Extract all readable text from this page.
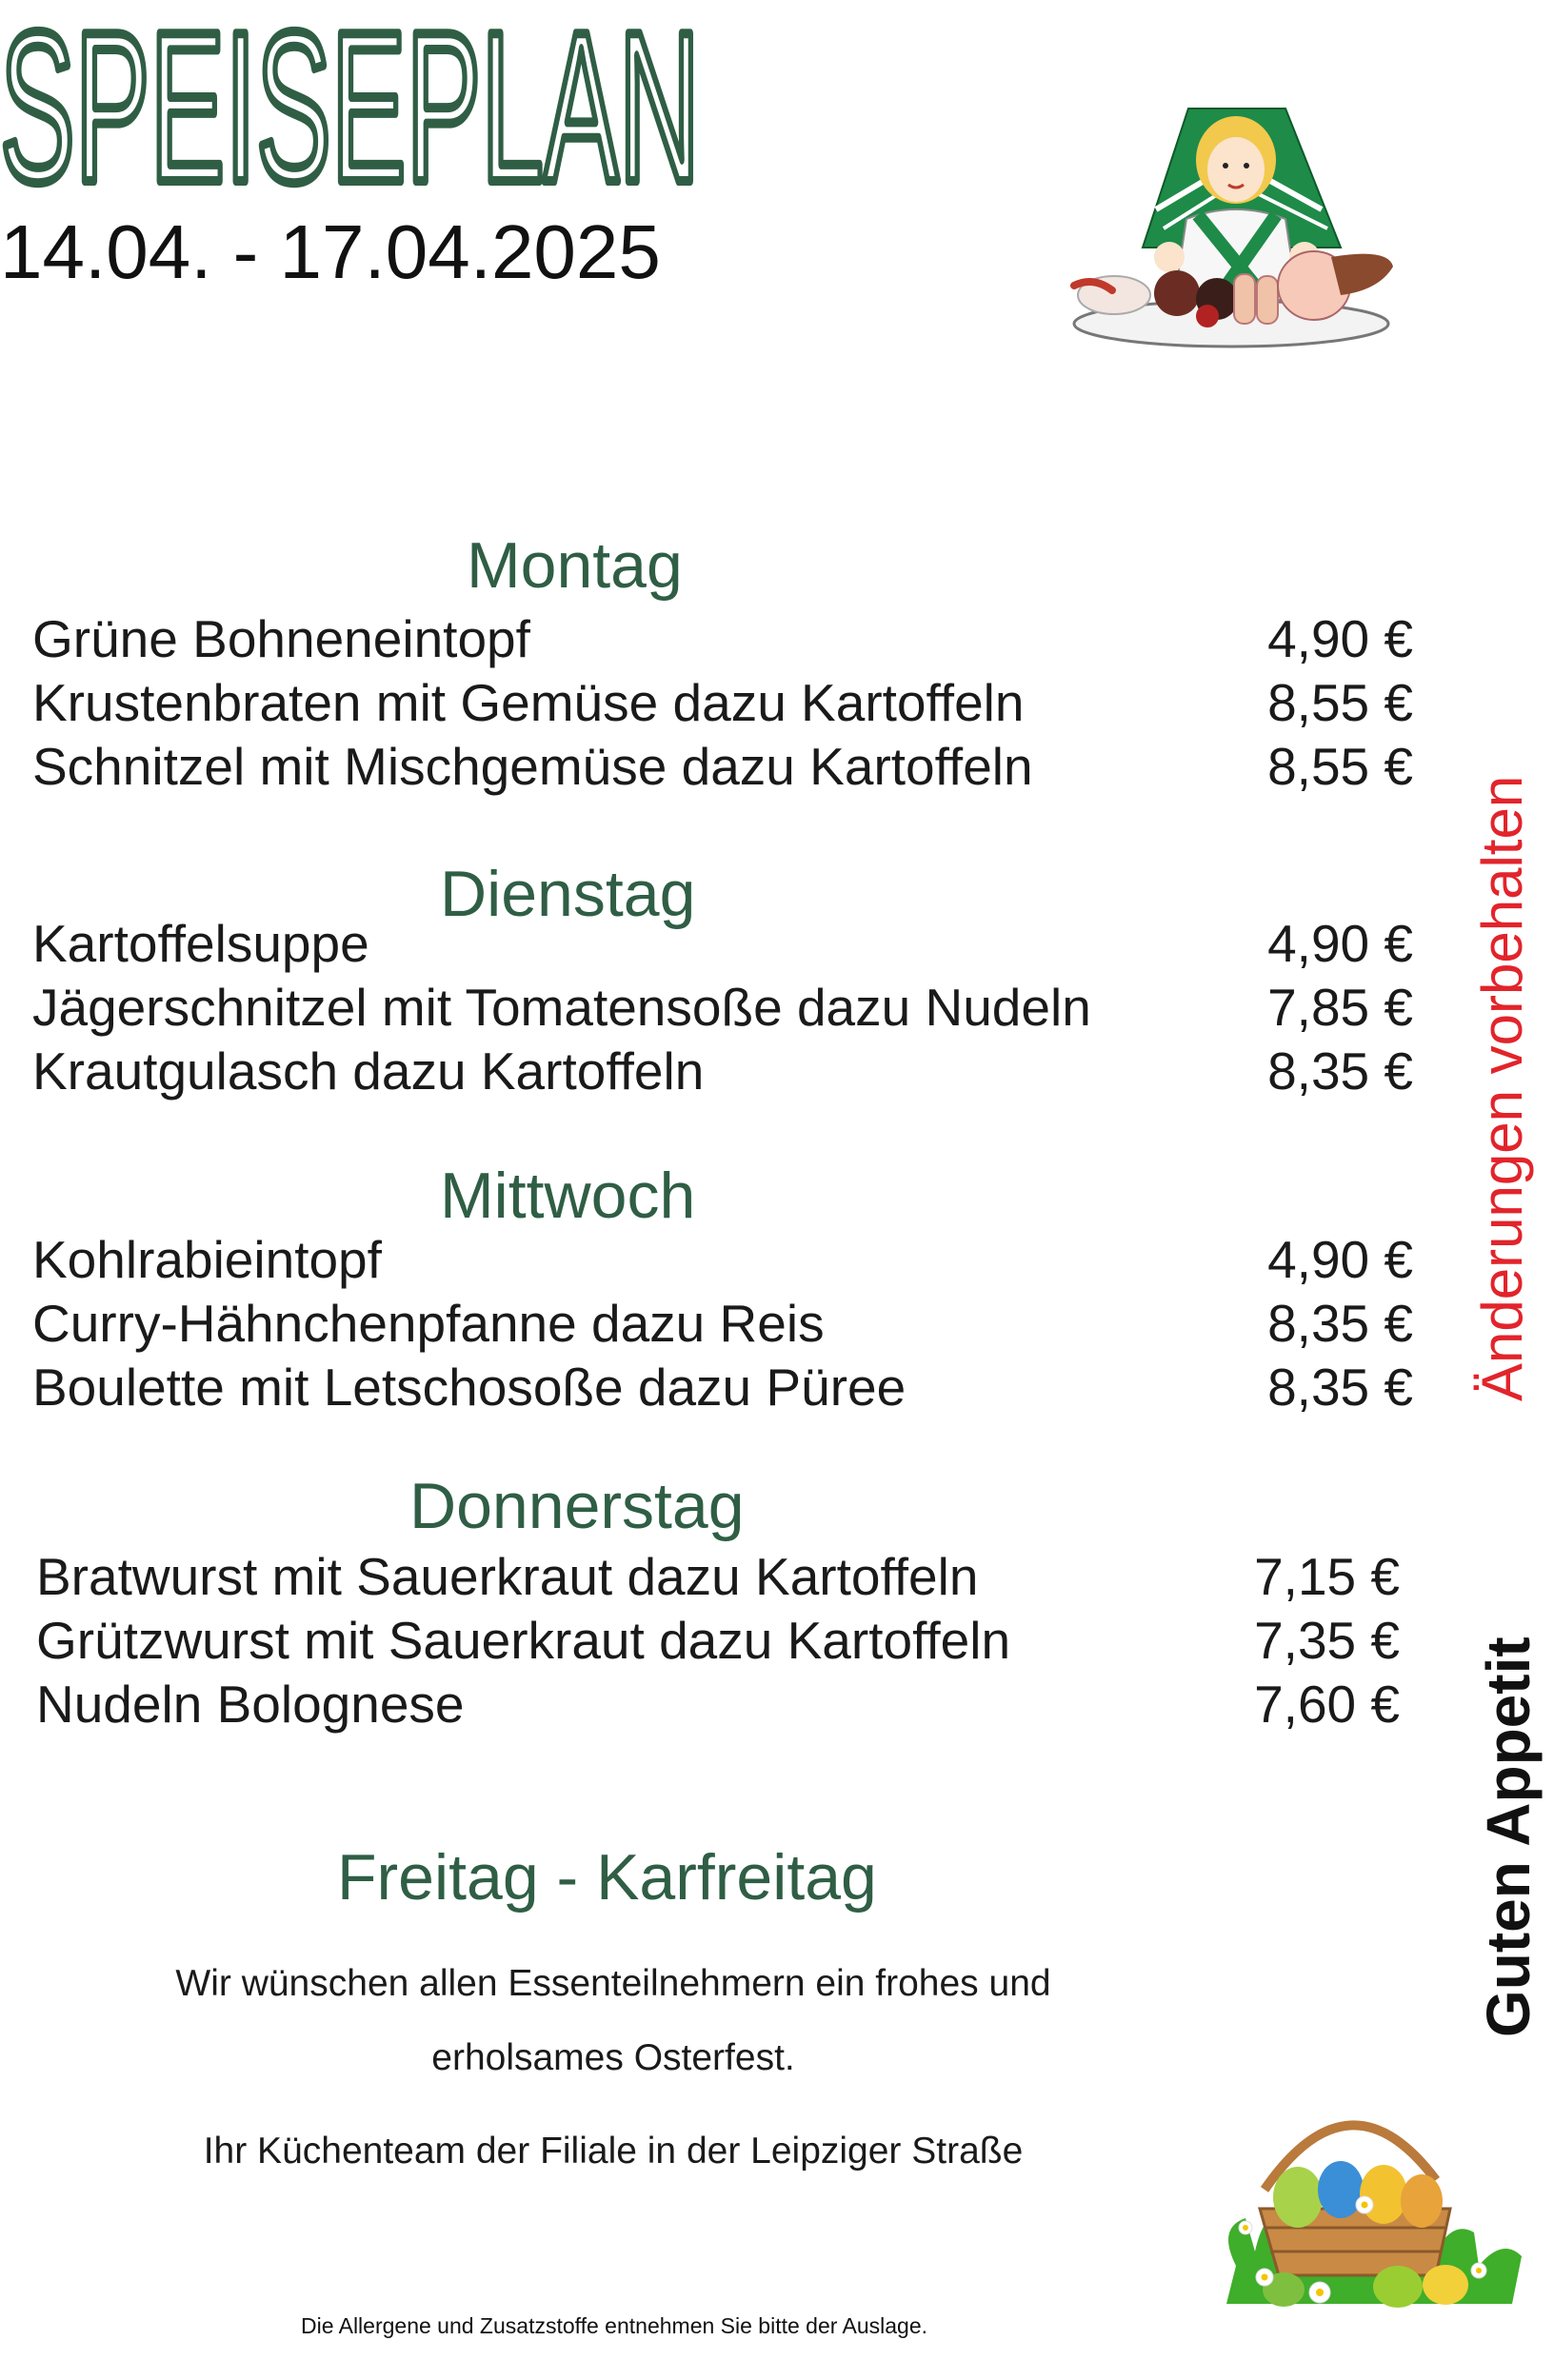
SPEISEPLAN
14.04. - 17.04.2025
Montag
Grüne Bohneneintopf	4,90 €
Krustenbraten mit Gemüse dazu Kartoffeln	8,55 €
Schnitzel mit Mischgemüse dazu Kartoffeln	8,55 €
Dienstag
Kartoffelsuppe	4,90 €
Jägerschnitzel mit Tomatensoße dazu Nudeln	7,85 €
Krautgulasch dazu Kartoffeln	8,35 €
Mittwoch
Kohlrabieintopf	4,90 €
Curry-Hähnchenpfanne dazu Reis	8,35 €
Boulette mit Letschosoße dazu Püree	8,35 €
Donnerstag
Bratwurst mit Sauerkraut dazu Kartoffeln	7,15 €
Grützwurst mit Sauerkraut dazu Kartoffeln	7,35 €
Nudeln Bolognese	7,60 €
Freitag - Karfreitag
Wir wünschen allen Essenteilnehmern ein frohes und
erholsames Osterfest.
Ihr Küchenteam der Filiale in der Leipziger Straße
Änderungen vorbehalten
Guten Appetit
Die Allergene und Zusatzstoffe entnehmen Sie bitte der Auslage.
